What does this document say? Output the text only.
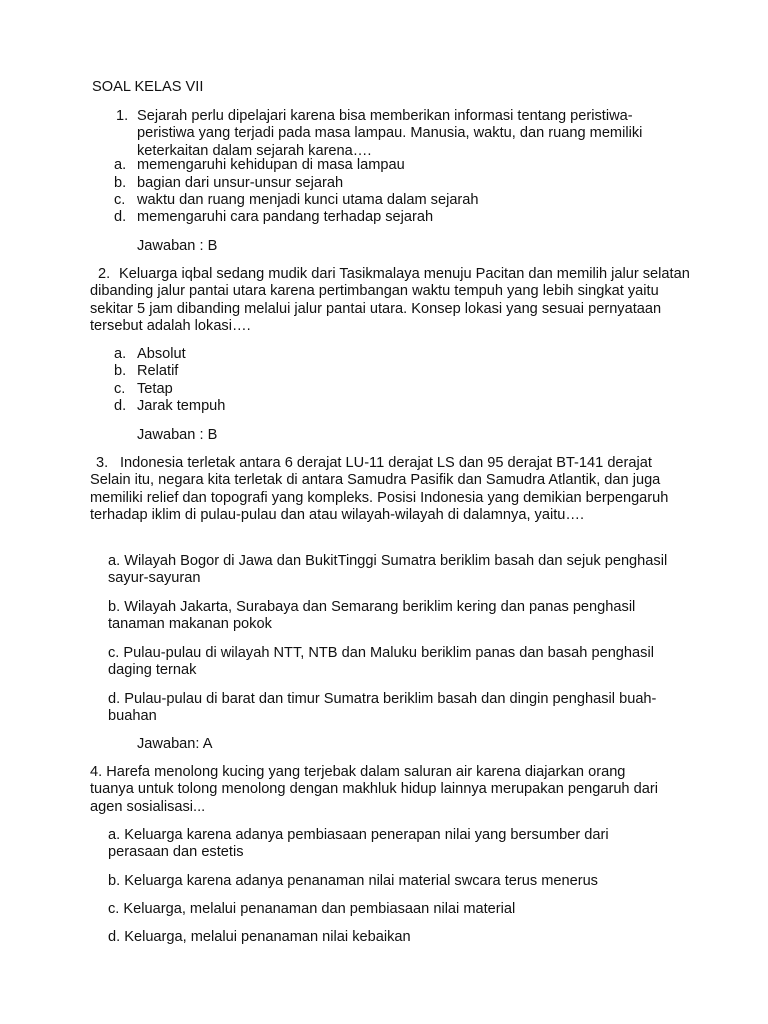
SOAL KELAS VII

1. Sejarah perlu dipelajari karena bisa memberikan informasi tentang peristiwa-peristiwa yang terjadi pada masa lampau. Manusia, waktu, dan ruang memiliki keterkaitan dalam sejarah karena….

a. memengaruhi kehidupan di masa lampau
b. bagian dari unsur-unsur sejarah
c. waktu dan ruang menjadi kunci utama dalam sejarah
d. memengaruhi cara pandang terhadap sejarah

Jawaban : B

2. Keluarga iqbal sedang mudik dari Tasikmalaya menuju Pacitan dan memilih jalur selatan dibanding jalur pantai utara karena pertimbangan waktu tempuh yang lebih singkat yaitu sekitar 5 jam dibanding melalui jalur pantai utara. Konsep lokasi yang sesuai pernyataan tersebut adalah lokasi….

a. Absolut
b. Relatif
c. Tetap
d. Jarak tempuh

Jawaban : B

3. Indonesia terletak antara 6 derajat LU-11 derajat LS dan 95 derajat BT-141 derajat Selain itu, negara kita terletak di antara Samudra Pasifik dan Samudra Atlantik, dan juga memiliki relief dan topografi yang kompleks. Posisi Indonesia yang demikian berpengaruh terhadap iklim di pulau-pulau dan atau wilayah-wilayah di dalamnya, yaitu….

a. Wilayah Bogor di Jawa dan BukitTinggi Sumatra beriklim basah dan sejuk penghasil sayur-sayuran

b. Wilayah Jakarta, Surabaya dan Semarang beriklim kering dan panas penghasil tanaman makanan pokok

c. Pulau-pulau di wilayah NTT, NTB dan Maluku beriklim panas dan basah penghasil daging ternak

d. Pulau-pulau di barat dan timur Sumatra beriklim basah dan dingin penghasil buah-buahan

Jawaban: A

4. Harefa menolong kucing yang terjebak dalam saluran air karena diajarkan orang tuanya untuk tolong menolong dengan makhluk hidup lainnya merupakan pengaruh dari agen sosialisasi...

a. Keluarga karena adanya pembiasaan penerapan nilai yang bersumber dari perasaan dan estetis

b. Keluarga karena adanya penanaman nilai material swcara terus menerus

c. Keluarga, melalui penanaman dan pembiasaan nilai material

d. Keluarga, melalui penanaman nilai kebaikan
